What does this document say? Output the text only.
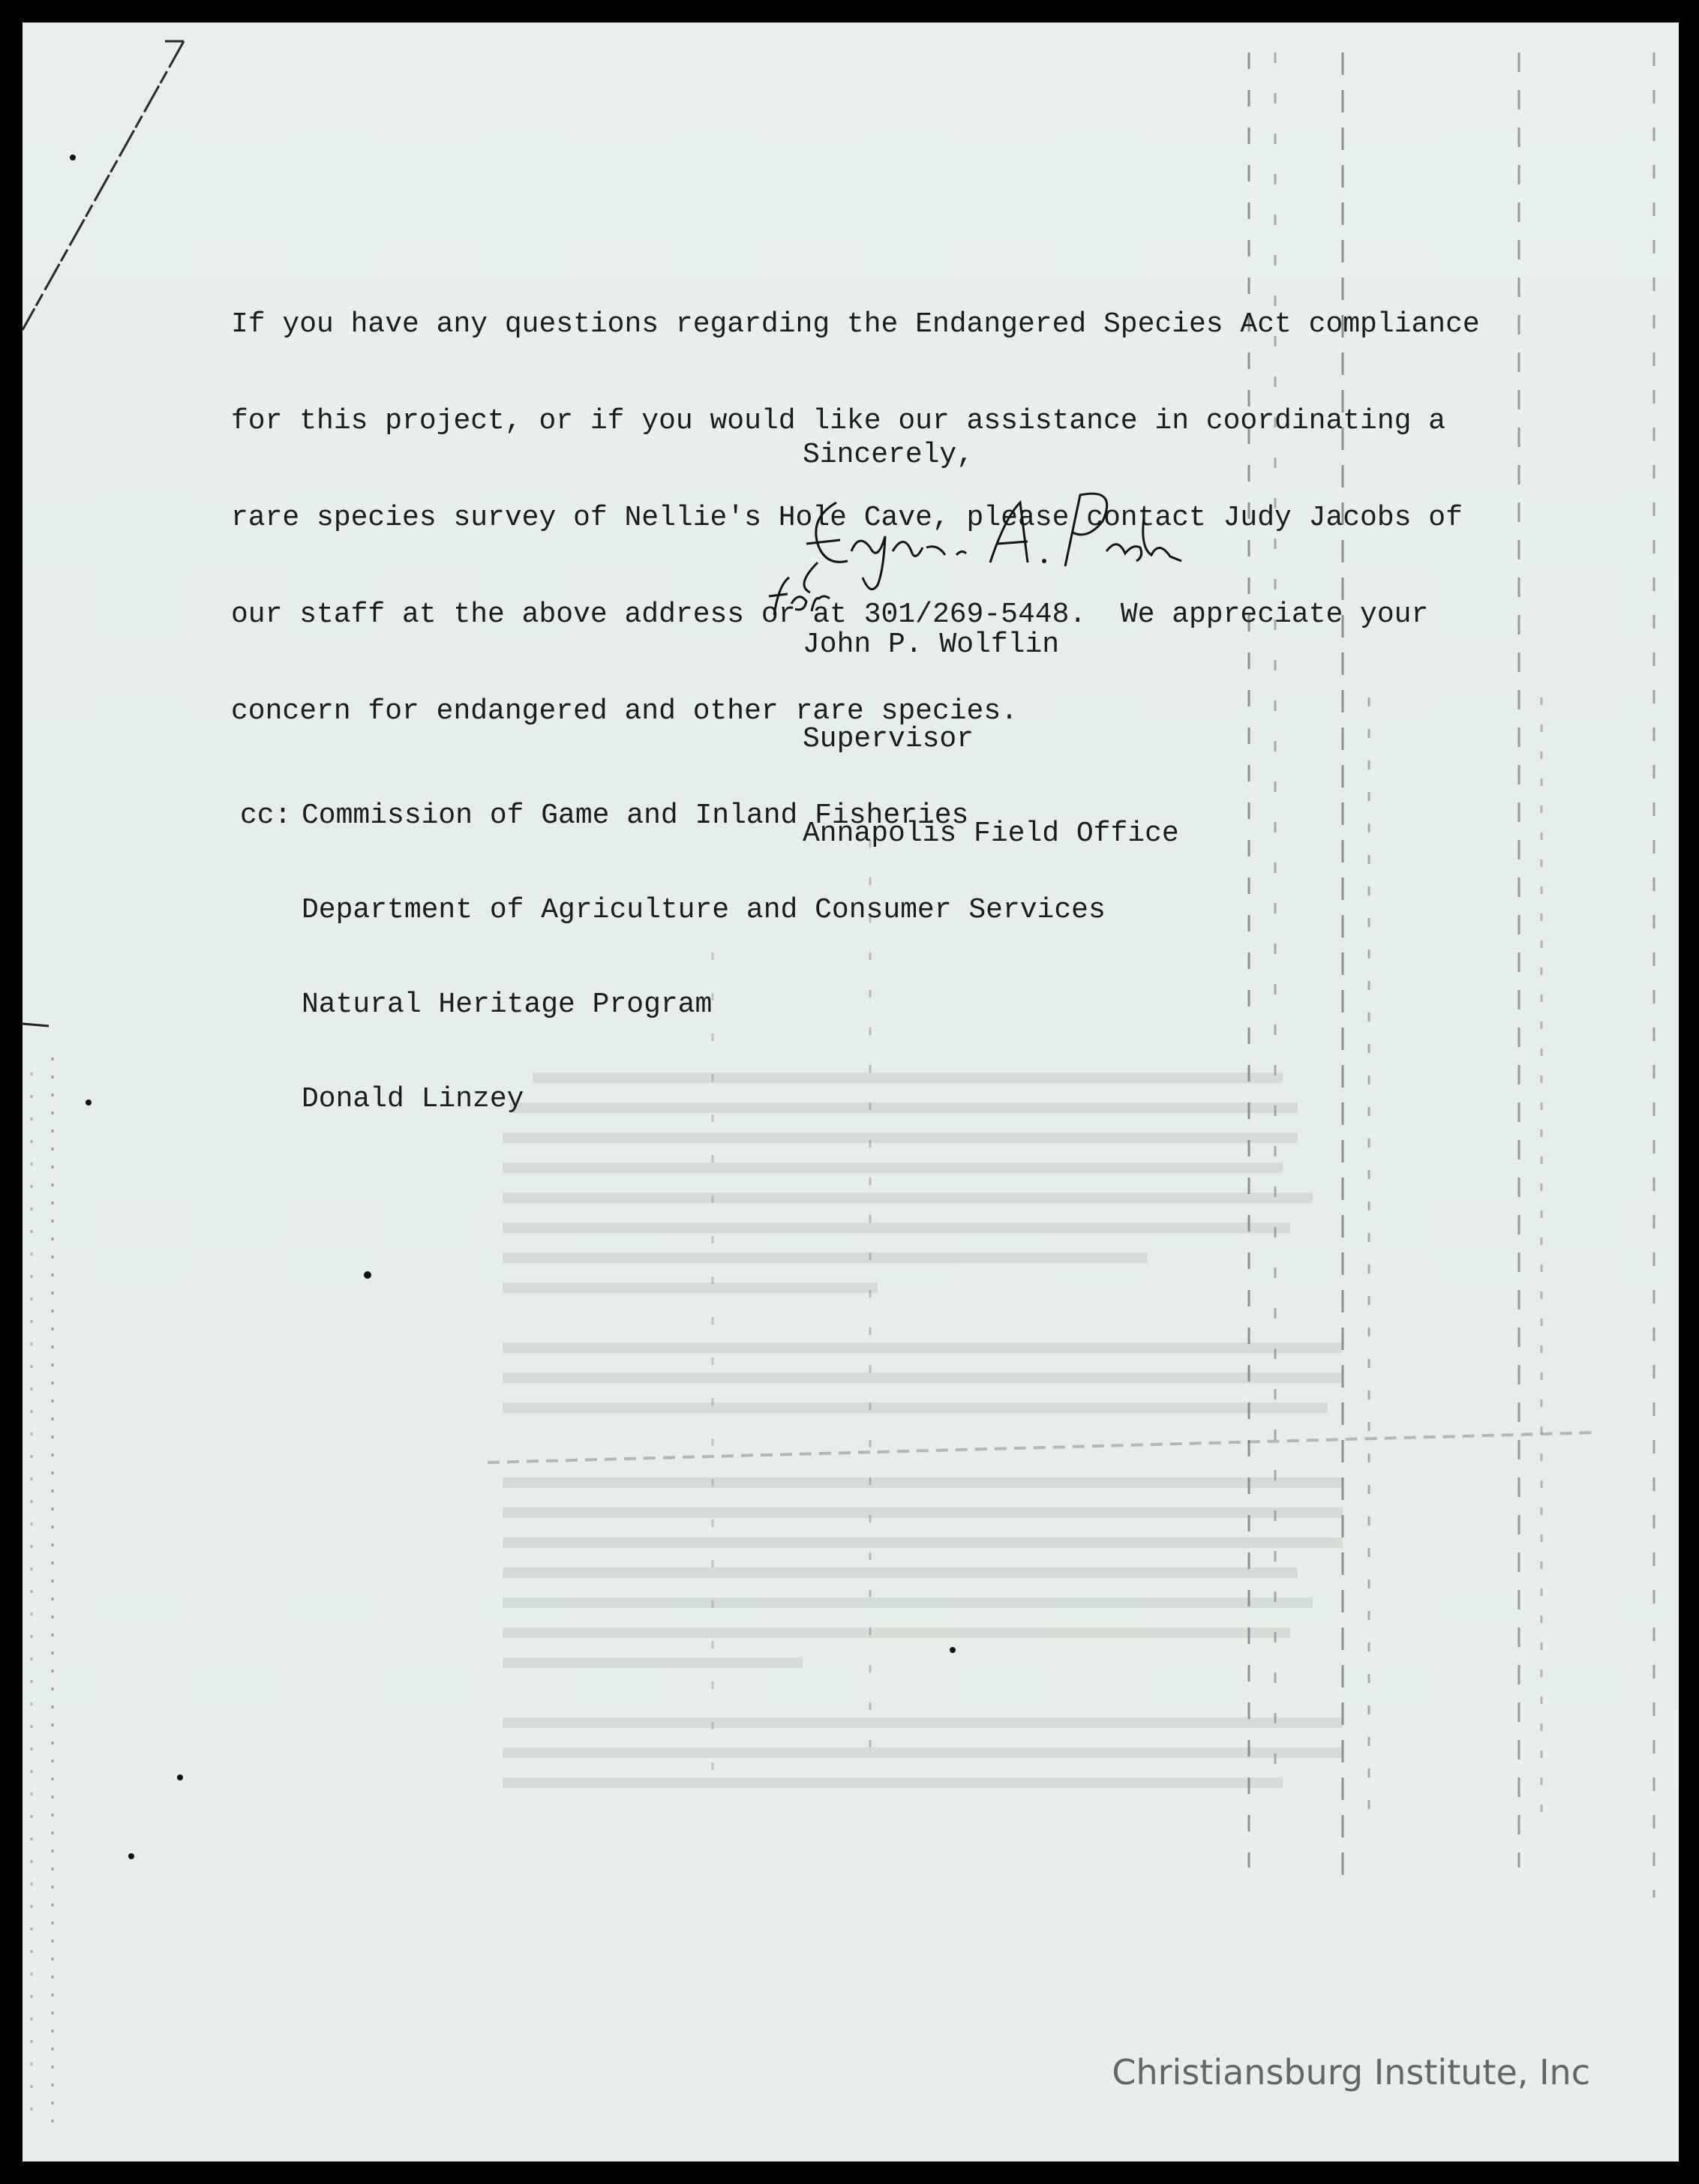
If you have any questions regarding the Endangered Species Act compliance

for this project, or if you would like our assistance in coordinating a

rare species survey of Nellie's Hole Cave, please contact Judy Jacobs of

our staff at the above address or at 301/269-5448.  We appreciate your

concern for endangered and other rare species.

Sincerely,

John P. Wolflin

Supervisor

Annapolis Field Office

cc: Commission of Game and Inland Fisheries

Department of Agriculture and Consumer Services

Natural Heritage Program

Donald Linzey

Christiansburg Institute, Inc
